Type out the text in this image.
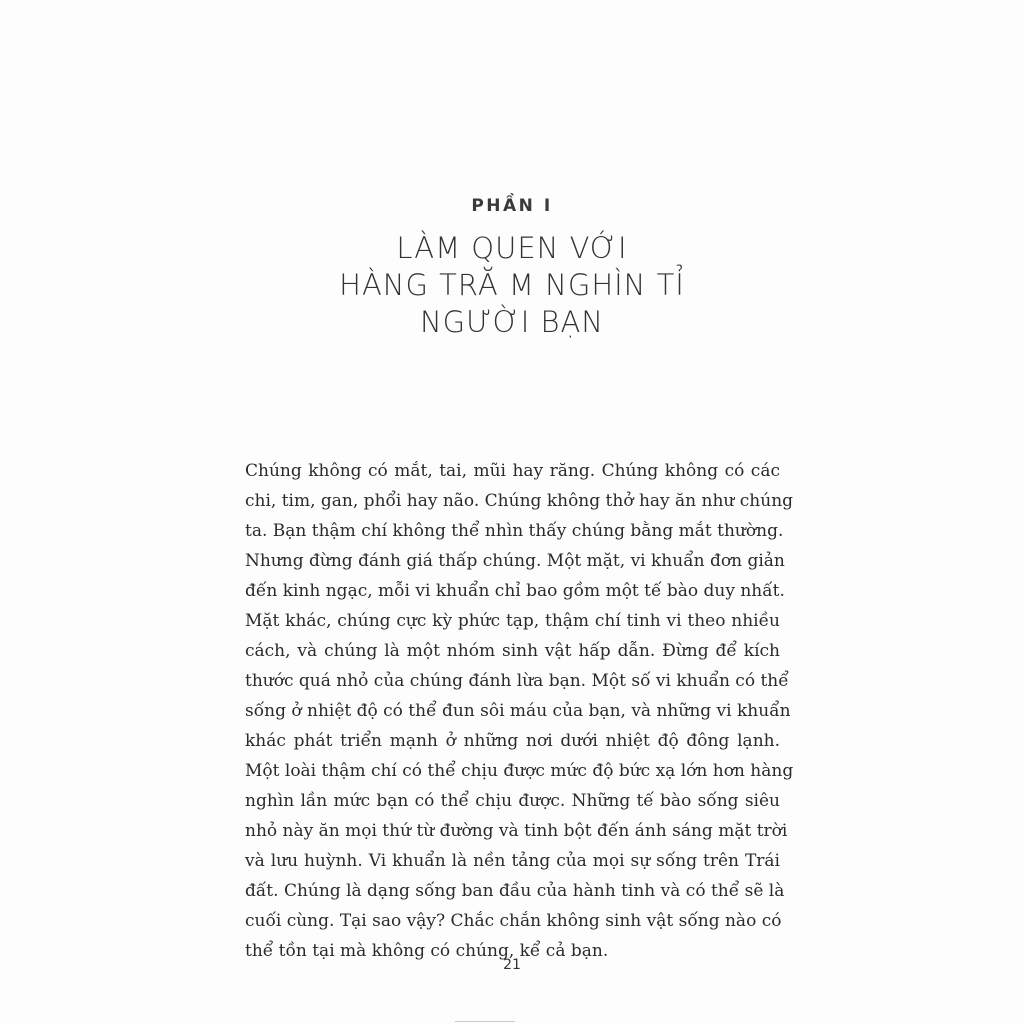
PHẦN I
LÀM QUEN VỚI
HÀNG TRĂ M NGHÌN TỈ
NGƯỜI BẠN

Chúng không có mắt, tai, mũi hay răng. Chúng không có các
chi, tim, gan, phổi hay não. Chúng không thở hay ăn như chúng
ta. Bạn thậm chí không thể nhìn thấy chúng bằng mắt thường.
Nhưng đừng đánh giá thấp chúng. Một mặt, vi khuẩn đơn giản
đến kinh ngạc, mỗi vi khuẩn chỉ bao gồm một tế bào duy nhất.
Mặt khác, chúng cực kỳ phức tạp, thậm chí tinh vi theo nhiều
cách, và chúng là một nhóm sinh vật hấp dẫn. Đừng để kích
thước quá nhỏ của chúng đánh lừa bạn. Một số vi khuẩn có thể
sống ở nhiệt độ có thể đun sôi máu của bạn, và những vi khuẩn
khác phát triển mạnh ở những nơi dưới nhiệt độ đông lạnh.
Một loài thậm chí có thể chịu được mức độ bức xạ lớn hơn hàng
nghìn lần mức bạn có thể chịu được. Những tế bào sống siêu
nhỏ này ăn mọi thứ từ đường và tinh bột đến ánh sáng mặt trời
và lưu huỳnh. Vi khuẩn là nền tảng của mọi sự sống trên Trái
đất. Chúng là dạng sống ban đầu của hành tinh và có thể sẽ là
cuối cùng. Tại sao vậy? Chắc chắn không sinh vật sống nào có
thể tồn tại mà không có chúng, kể cả bạn.

21
